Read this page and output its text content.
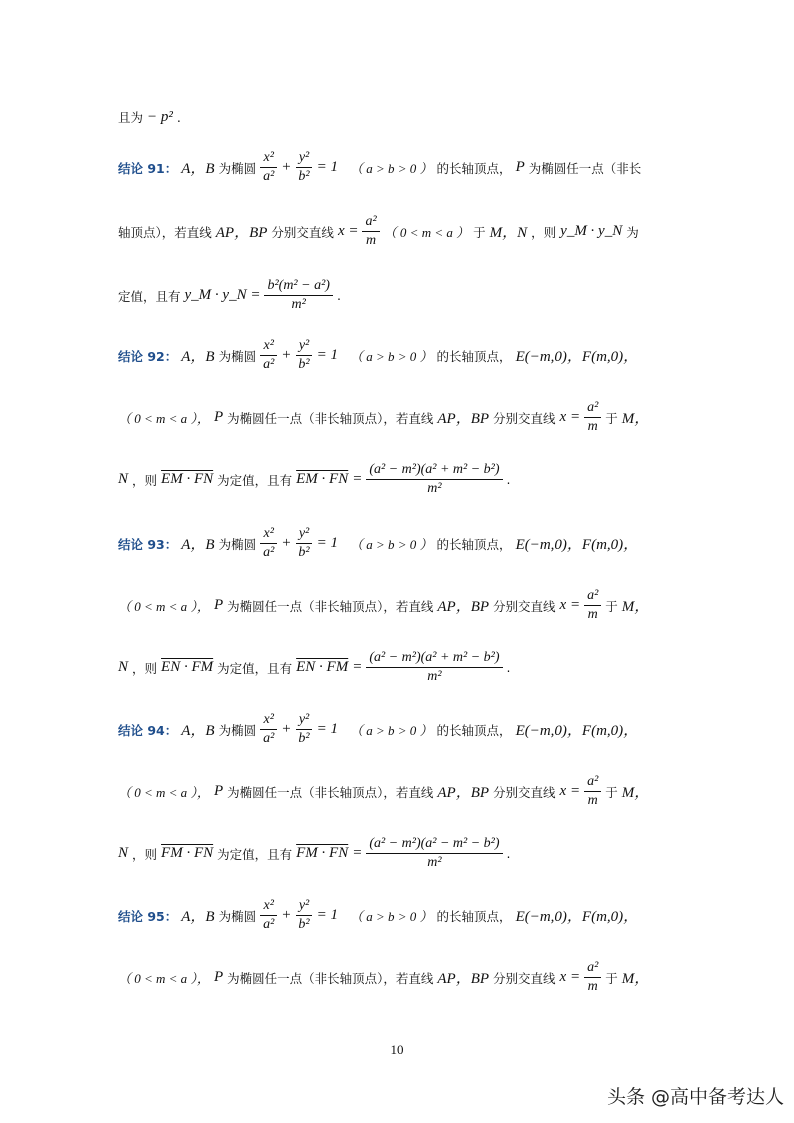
且为 − p² .
结论 91： A，B 为椭圆 $\frac{\text{x²}}{\text{a²}} + \frac{\text{y²}}{\text{b²}} = 1$ （ a > b > 0 ） 的长轴顶点， P 为椭圆任一点（非长
轴顶点），若直线 AP，BP 分别交直线 $x = \frac{\text{a²}}{m}$ （ 0 < m < a ） 于 M，N ，则 y_M · y_N 为
定值，且有 y_M · y_N = $\frac{\text{b²(m² − a²)}}{\text{m²}}$ .
结论 92： A，B 为椭圆 $\frac{\text{x²}}{\text{a²}} + \frac{\text{y²}}{\text{b²}} = 1$ （ a > b > 0 ） 的长轴顶点， E(−m,0)，F(m,0)，
（ 0 < m < a ）， P 为椭圆任一点（非长轴顶点），若直线 AP，BP 分别交直线 $x = \frac{\text{a²}}{m}$ 于 M，
N ，则 EM · FN 为定值，且有 EM · FN = $\frac{\text{(a² − m²)(a² + m² − b²)}}{\text{m²}}$ .
结论 93： A，B 为椭圆 $\frac{\text{x²}}{\text{a²}} + \frac{\text{y²}}{\text{b²}} = 1$ （ a > b > 0 ） 的长轴顶点， E(−m,0)，F(m,0)，
（ 0 < m < a ）， P 为椭圆任一点（非长轴顶点），若直线 AP，BP 分别交直线 $x = \frac{\text{a²}}{m}$ 于 M，
N ，则 EN · FM 为定值，且有 EN · FM = $\frac{\text{(a² − m²)(a² + m² − b²)}}{\text{m²}}$ .
结论 94： A，B 为椭圆 $\frac{\text{x²}}{\text{a²}} + \frac{\text{y²}}{\text{b²}} = 1$ （ a > b > 0 ） 的长轴顶点， E(−m,0)，F(m,0)，
（ 0 < m < a ）， P 为椭圆任一点（非长轴顶点），若直线 AP，BP 分别交直线 $x = \frac{\text{a²}}{m}$ 于 M，
N ，则 FM · FN 为定值，且有 FM · FN = $\frac{\text{(a² − m²)(a² − m² − b²)}}{\text{m²}}$ .
结论 95： A，B 为椭圆 $\frac{\text{x²}}{\text{a²}} + \frac{\text{y²}}{\text{b²}} = 1$ （ a > b > 0 ） 的长轴顶点， E(−m,0)，F(m,0)，
（ 0 < m < a ）， P 为椭圆任一点（非长轴顶点），若直线 AP，BP 分别交直线 $x = \frac{\text{a²}}{m}$ 于 M，
10
头条 @高中备考达人
